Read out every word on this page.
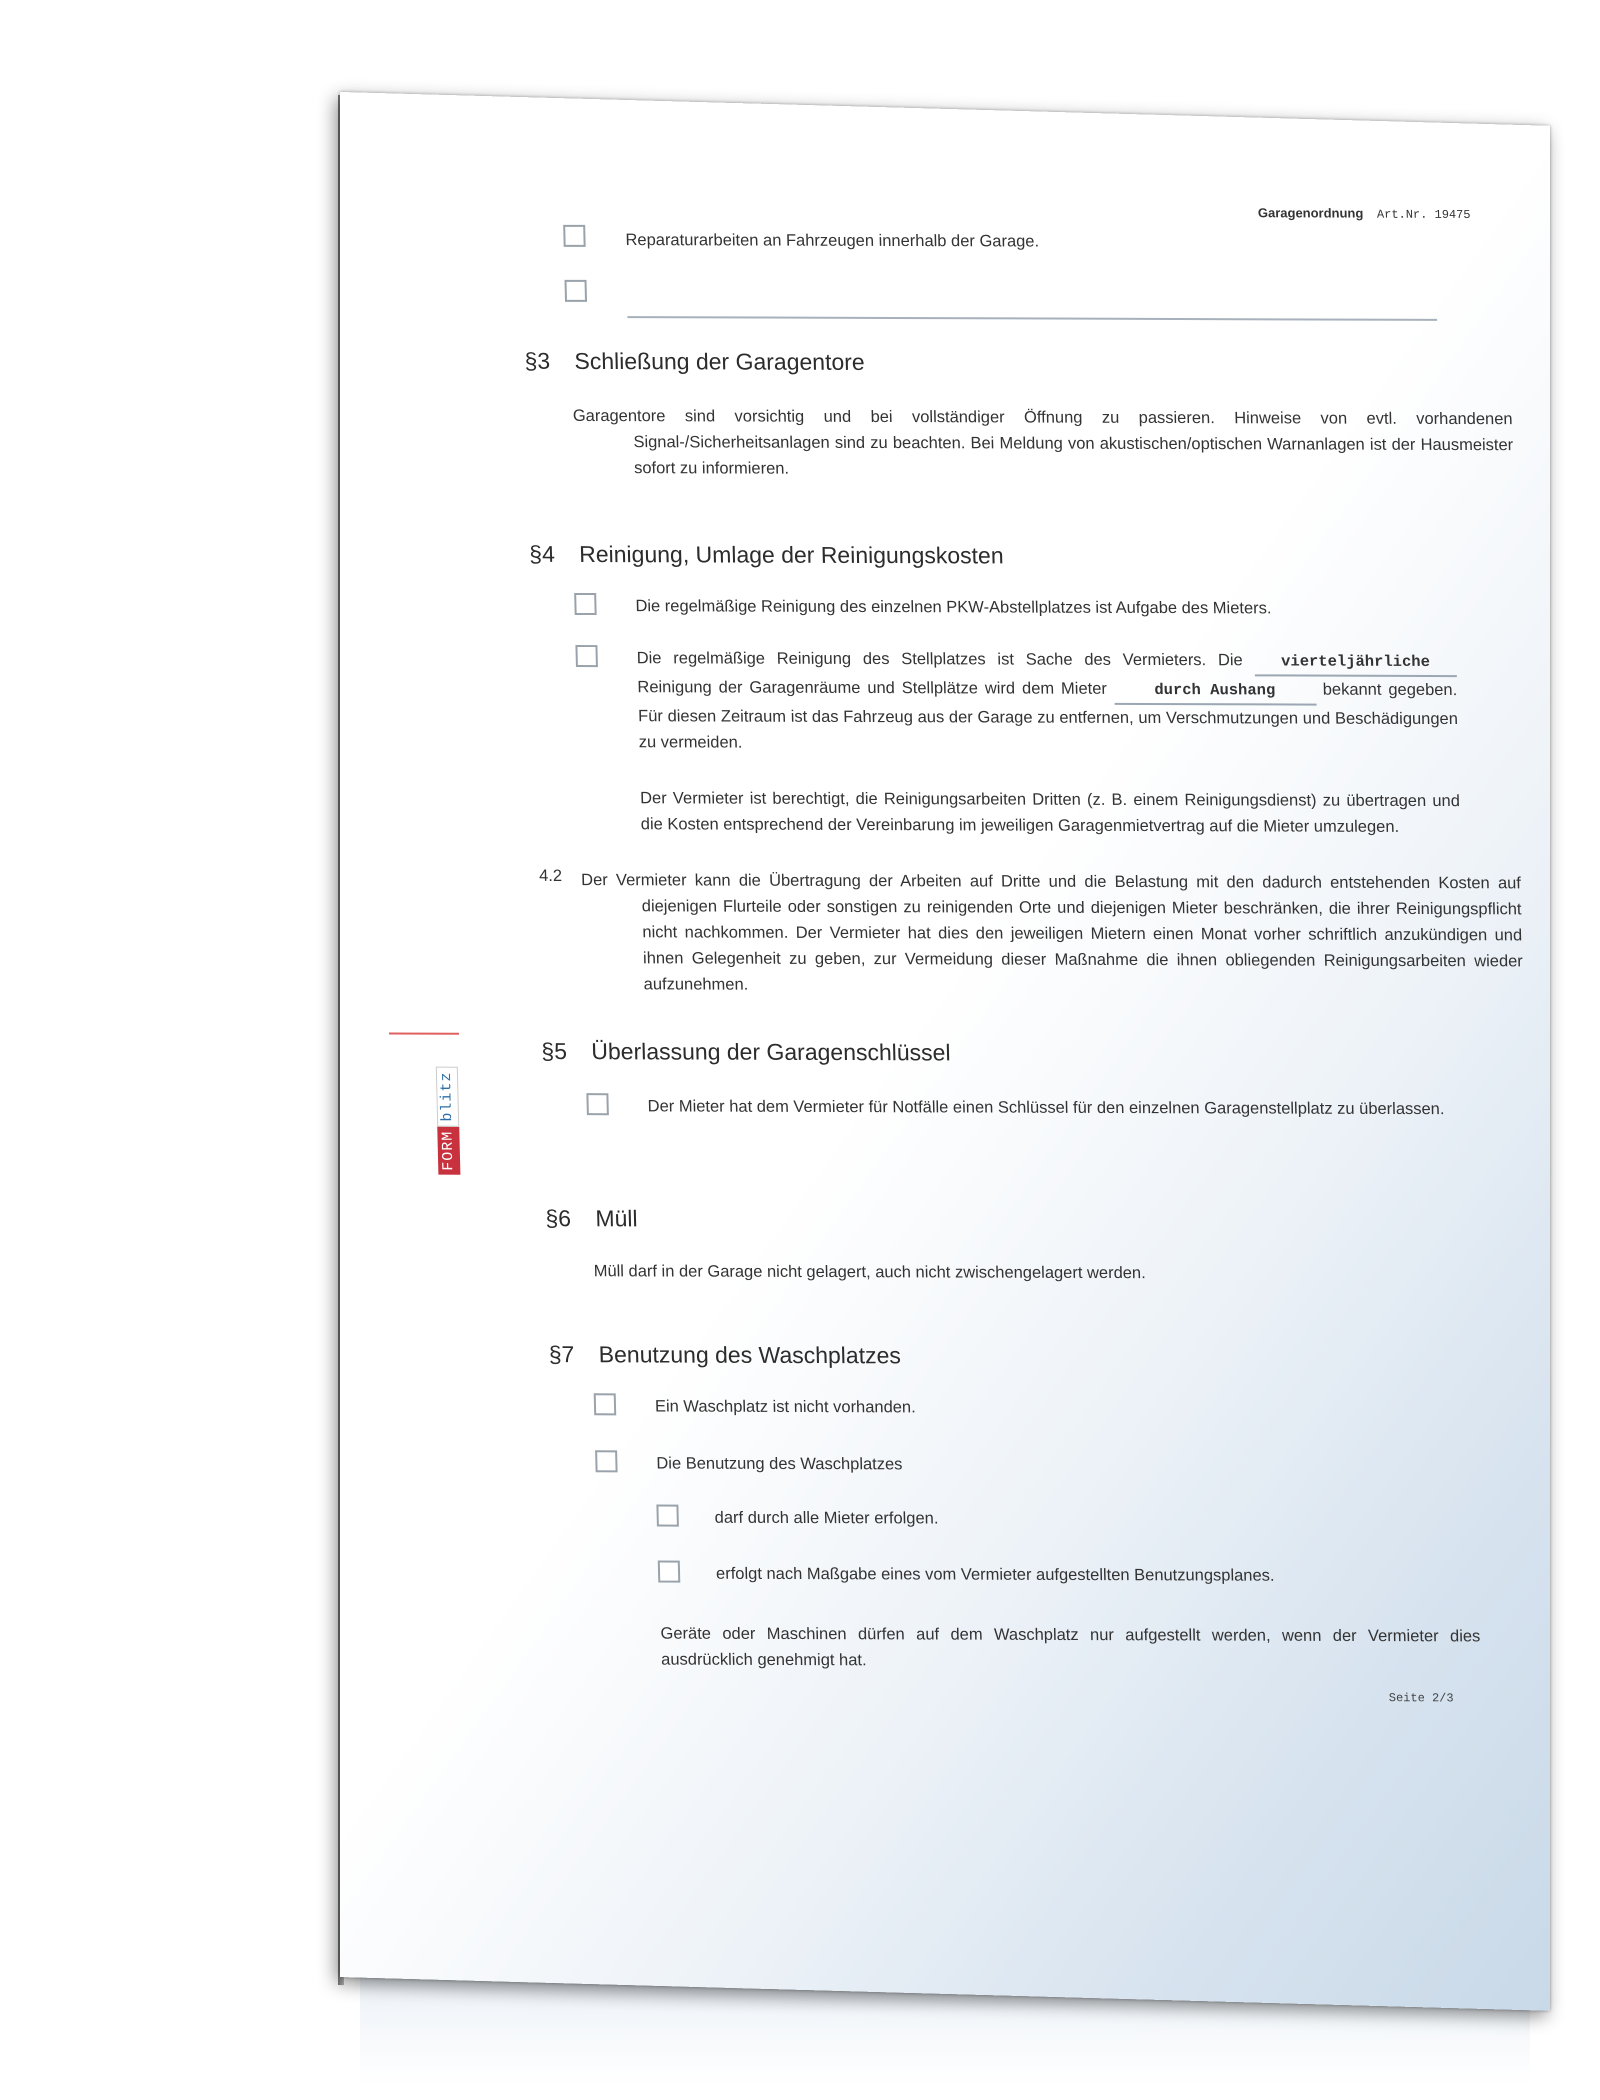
Garagenordnung Art.Nr. 19475
Reparaturarbeiten an Fahrzeugen innerhalb der Garage.
§3 Schließung der Garagentore
Garagentore sind vorsichtig und bei vollständiger Öffnung zu passieren. Hinweise von evtl. vorhandenen Signal-/Sicherheitsanlagen sind zu beachten. Bei Meldung von akustischen/optischen Warnanlagen ist der Hausmeister sofort zu informieren.
§4 Reinigung, Umlage der Reinigungskosten
Die regelmäßige Reinigung des einzelnen PKW-Abstellplatzes ist Aufgabe des Mieters.
Die regelmäßige Reinigung des Stellplatzes ist Sache des Vermieters. Die vierteljährliche Reinigung der Garagenräume und Stellplätze wird dem Mieter	durch Aushang	bekannt gegeben. Für diesen Zeitraum ist das Fahrzeug aus der Garage zu entfernen, um Verschmutzungen und Beschädigungen zu vermeiden.
Der Vermieter ist berechtigt, die Reinigungsarbeiten Dritten (z. B. einem Reinigungsdienst) zu übertragen und die Kosten entsprechend der Vereinbarung im jeweiligen Garagenmietvertrag auf die Mieter umzulegen.
4.2 Der Vermieter kann die Übertragung der Arbeiten auf Dritte und die Belastung mit den dadurch entstehenden Kosten auf diejenigen Flurteile oder sonstigen zu reinigenden Orte und diejenigen Mieter beschränken, die ihrer Reinigungspflicht nicht nachkommen. Der Vermieter hat dies den jeweiligen Mietern einen Monat vorher schriftlich anzukündigen und ihnen Gelegenheit zu geben, zur Vermeidung dieser Maßnahme die ihnen obliegenden Reinigungsarbeiten wieder aufzunehmen.
§5 Überlassung der Garagenschlüssel
Der Mieter hat dem Vermieter für Notfälle einen Schlüssel für den einzelnen Garagenstellplatz zu überlassen.
§6 Müll
Müll darf in der Garage nicht gelagert, auch nicht zwischengelagert werden.
§7 Benutzung des Waschplatzes
Ein Waschplatz ist nicht vorhanden.
Die Benutzung des Waschplatzes
darf durch alle Mieter erfolgen.
erfolgt nach Maßgabe eines vom Vermieter aufgestellten Benutzungsplanes.
Geräte oder Maschinen dürfen auf dem Waschplatz nur aufgestellt werden, wenn der Vermieter dies ausdrücklich genehmigt hat.
Seite 2/3
FORM
blitz
